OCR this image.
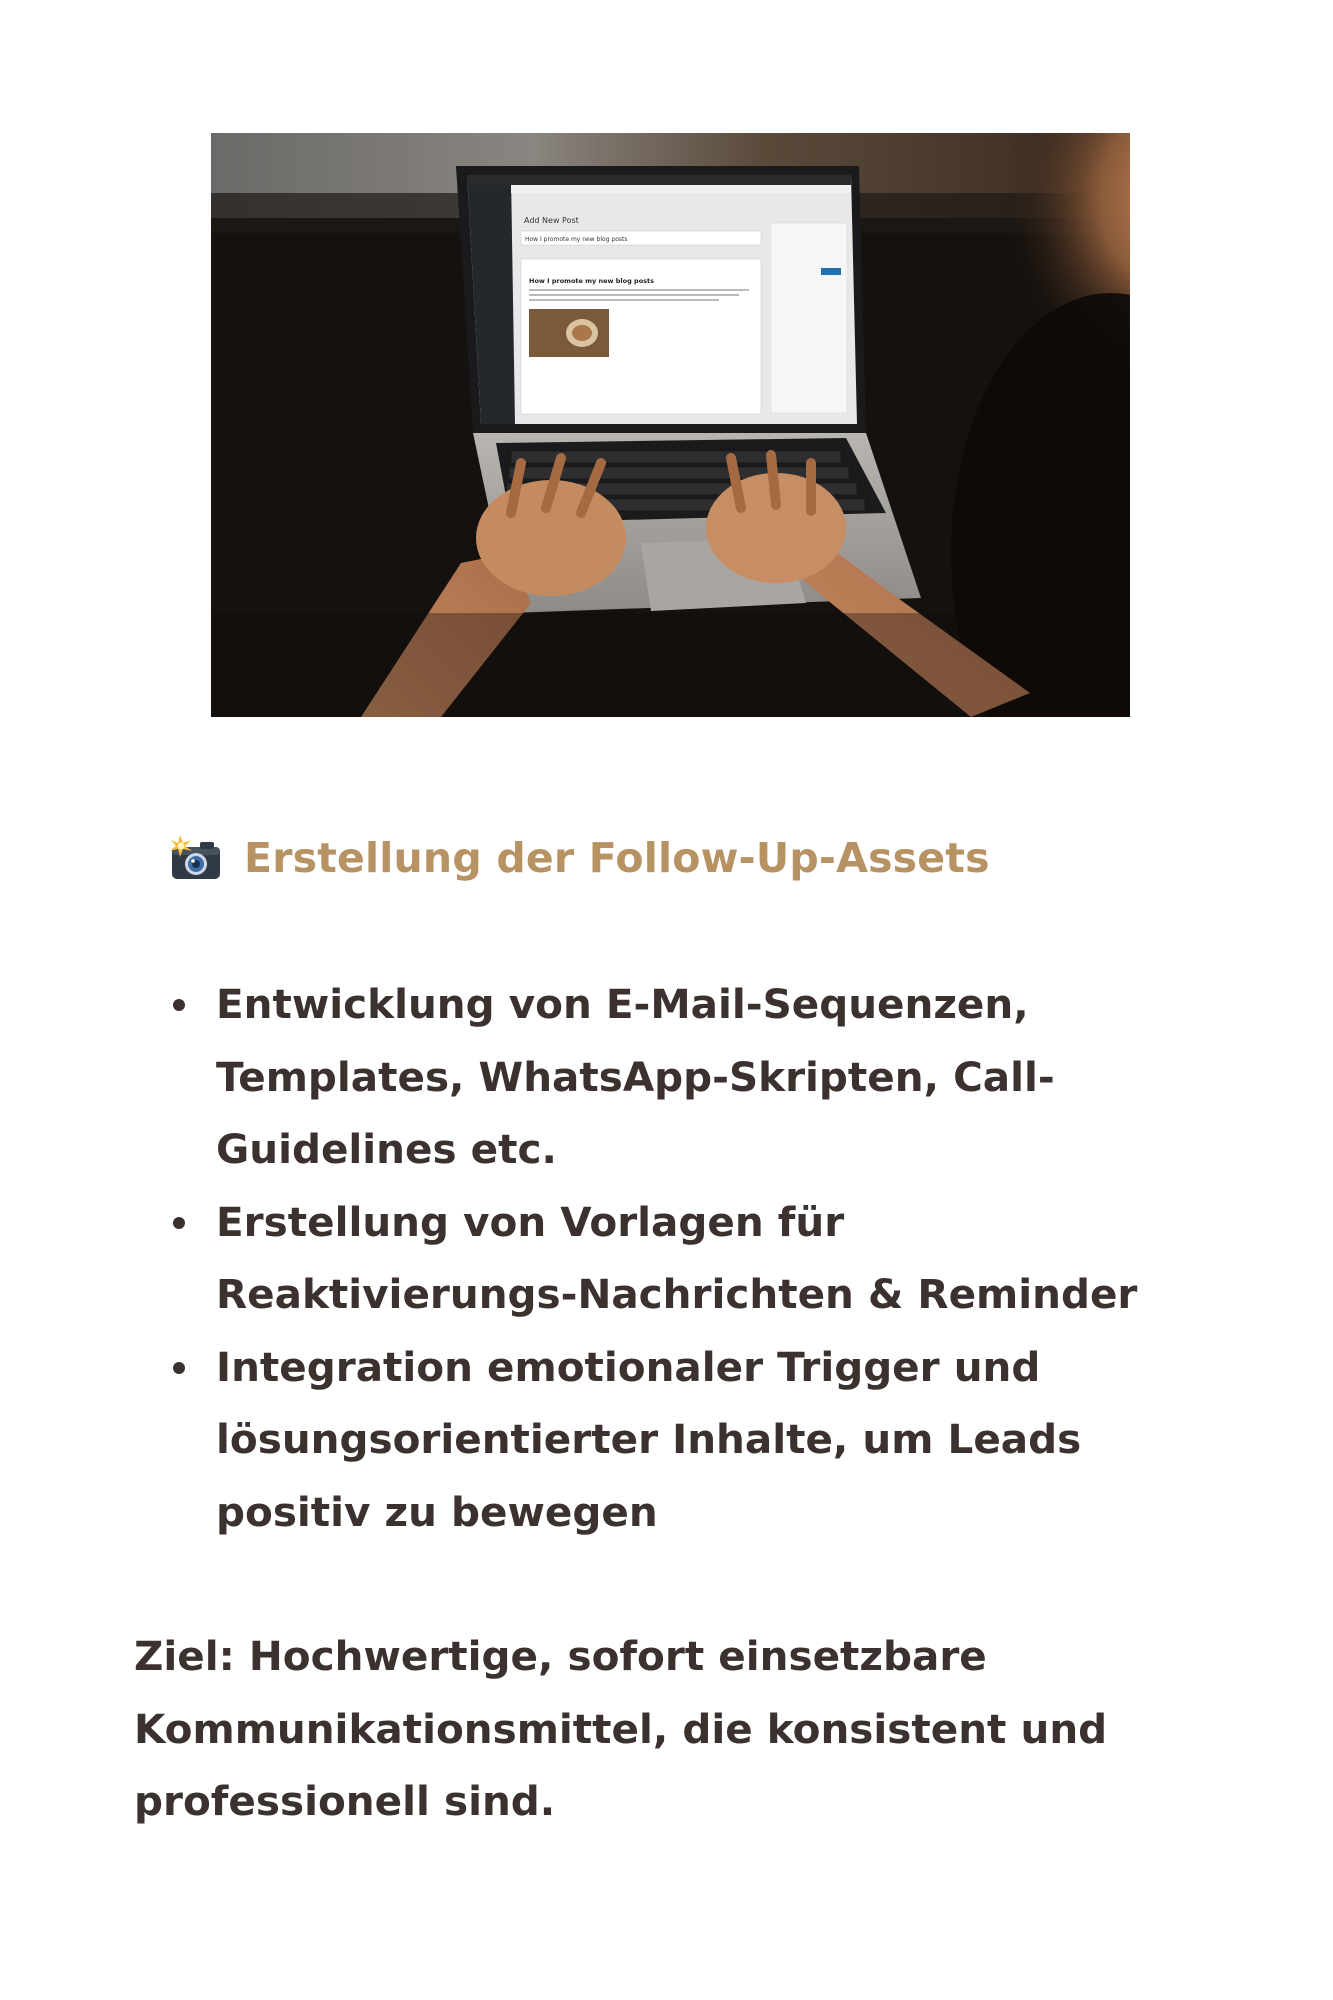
Add New Post
How I promote my new blog posts
How I promote my new blog posts
Erstellung der Follow-Up-Assets
Entwicklung von E-Mail-Sequenzen, Templates, WhatsApp-Skripten, Call-Guidelines etc.
Erstellung von Vorlagen für Reaktivierungs-Nachrichten & Reminder
Integration emotionaler Trigger und lösungsorientierter Inhalte, um Leads positiv zu bewegen

Ziel: Hochwertige, sofort einsetzbare Kommunikationsmittel, die konsistent und professionell sind.
